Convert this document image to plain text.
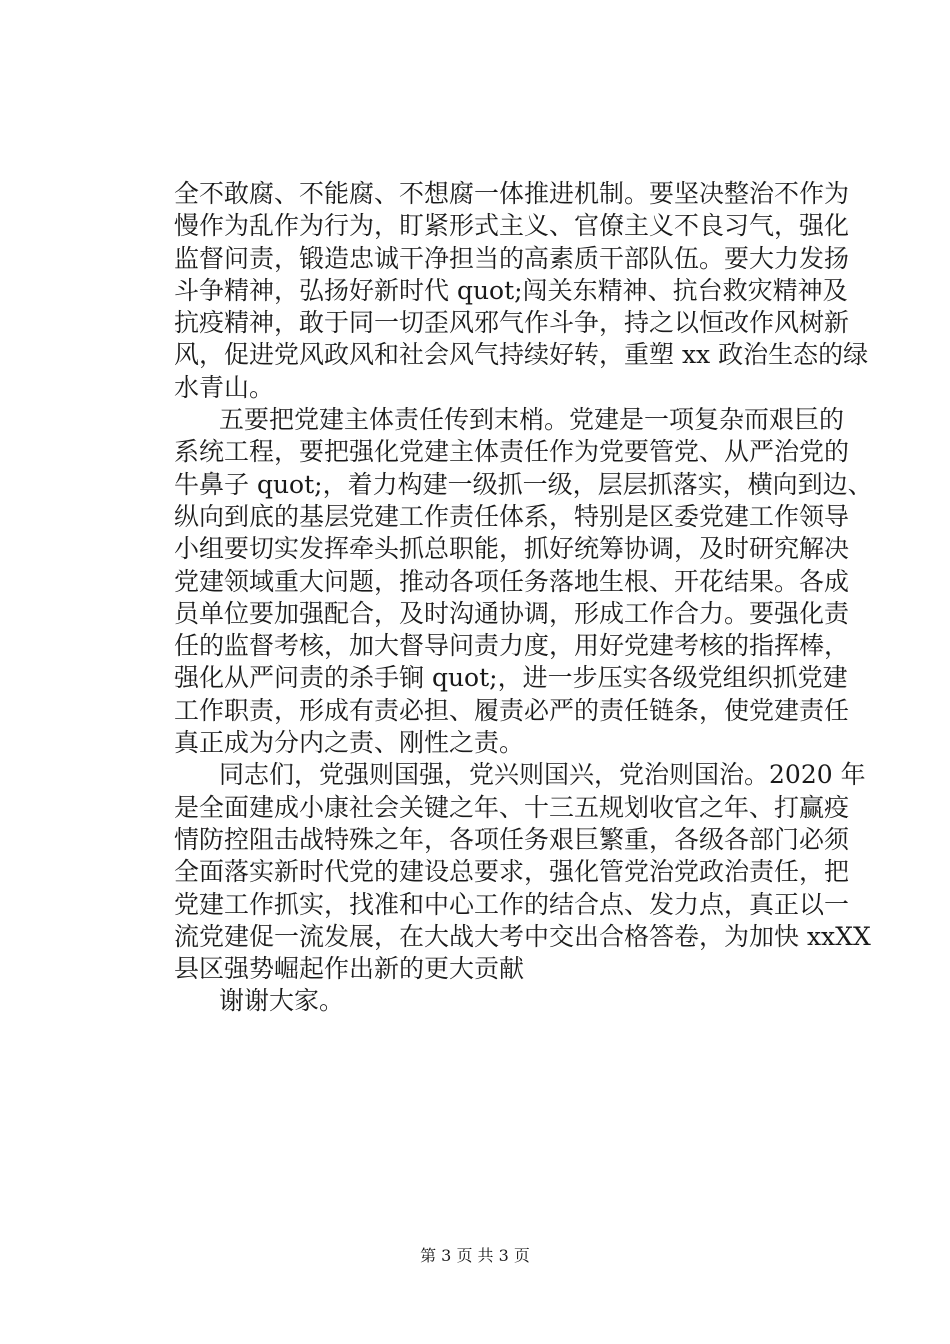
全不敢腐、不能腐、不想腐一体推进机制。要坚决整治不作为
慢作为乱作为行为，盯紧形式主义、官僚主义不良习气，强化
监督问责，锻造忠诚干净担当的高素质干部队伍。要大力发扬
斗争精神，弘扬好新时代 quot;闯关东精神、抗台救灾精神及
抗疫精神，敢于同一切歪风邪气作斗争，持之以恒改作风树新
风，促进党风政风和社会风气持续好转，重塑 xx 政治生态的绿
水青山。
五要把党建主体责任传到末梢。党建是一项复杂而艰巨的
系统工程，要把强化党建主体责任作为党要管党、从严治党的
牛鼻子 quot;，着力构建一级抓一级，层层抓落实，横向到边、
纵向到底的基层党建工作责任体系，特别是区委党建工作领导
小组要切实发挥牵头抓总职能，抓好统筹协调，及时研究解决
党建领域重大问题，推动各项任务落地生根、开花结果。各成
员单位要加强配合，及时沟通协调，形成工作合力。要强化责
任的监督考核，加大督导问责力度，用好党建考核的指挥棒，
强化从严问责的杀手锏 quot;，进一步压实各级党组织抓党建
工作职责，形成有责必担、履责必严的责任链条，使党建责任
真正成为分内之责、刚性之责。
同志们，党强则国强，党兴则国兴，党治则国治。2020 年
是全面建成小康社会关键之年、十三五规划收官之年、打赢疫
情防控阻击战特殊之年，各项任务艰巨繁重，各级各部门必须
全面落实新时代党的建设总要求，强化管党治党政治责任，把
党建工作抓实，找准和中心工作的结合点、发力点，真正以一
流党建促一流发展，在大战大考中交出合格答卷，为加快 xxXX
县区强势崛起作出新的更大贡献
谢谢大家。
第 3 页 共 3 页
